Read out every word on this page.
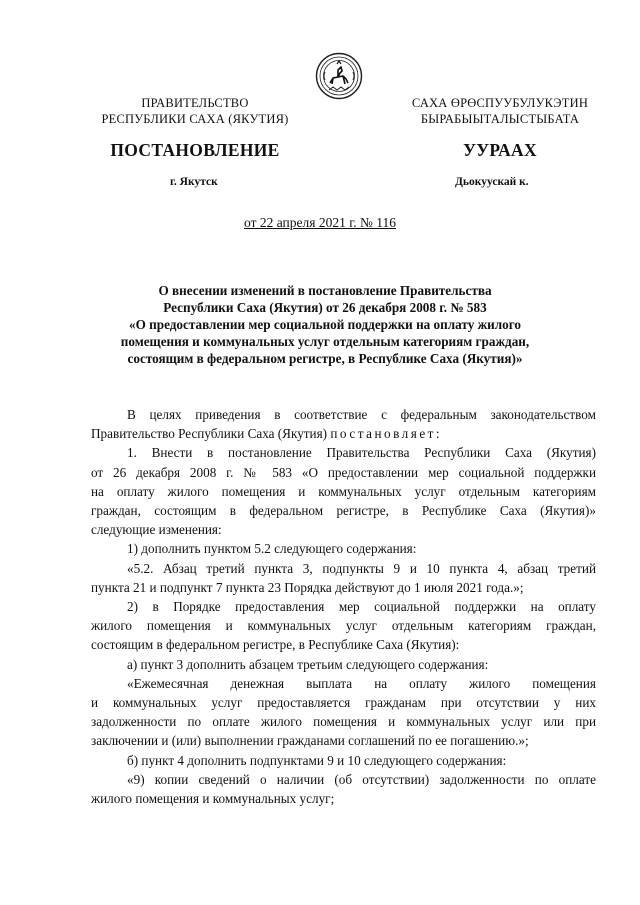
ПРАВИТЕЛЬСТВО
РЕСПУБЛИКИ САХА (ЯКУТИЯ)
САХА ӨРӨСПУУБУЛУКЭТИН
БЫРАБЫЫТАЛЫСТЫБАТА
ПОСТАНОВЛЕНИЕ	УУРААХ
г. Якутск	Дьокуускай к.
от 22 апреля 2021 г. № 116
О внесении изменений в постановление Правительства
Республики Саха (Якутия) от 26 декабря 2008 г. № 583
«О предоставлении мер социальной поддержки на оплату жилого
помещения и коммунальных услуг отдельным категориям граждан,
состоящим в федеральном регистре, в Республике Саха (Якутия)»
В целях приведения в соответствие с федеральным законодательством
Правительство Республики Саха (Якутия) постановляет:
1. Внести в постановление Правительства Республики Саха (Якутия)
от 26 декабря 2008 г. № 583 «О предоставлении мер социальной поддержки
на оплату жилого помещения и коммунальных услуг отдельным категориям
граждан, состоящим в федеральном регистре, в Республике Саха (Якутия)»
следующие изменения:
1) дополнить пунктом 5.2 следующего содержания:
«5.2. Абзац третий пункта 3, подпункты 9 и 10 пункта 4, абзац третий
пункта 21 и подпункт 7 пункта 23 Порядка действуют до 1 июля 2021 года.»;
2) в Порядке предоставления мер социальной поддержки на оплату
жилого помещения и коммунальных услуг отдельным категориям граждан,
состоящим в федеральном регистре, в Республике Саха (Якутия):
а) пункт 3 дополнить абзацем третьим следующего содержания:
«Ежемесячная денежная выплата на оплату жилого помещения
и коммунальных услуг предоставляется гражданам при отсутствии у них
задолженности по оплате жилого помещения и коммунальных услуг или при
заключении и (или) выполнении гражданами соглашений по ее погашению.»;
б) пункт 4 дополнить подпунктами 9 и 10 следующего содержания:
«9) копии сведений о наличии (об отсутствии) задолженности по оплате
жилого помещения и коммунальных услуг;
